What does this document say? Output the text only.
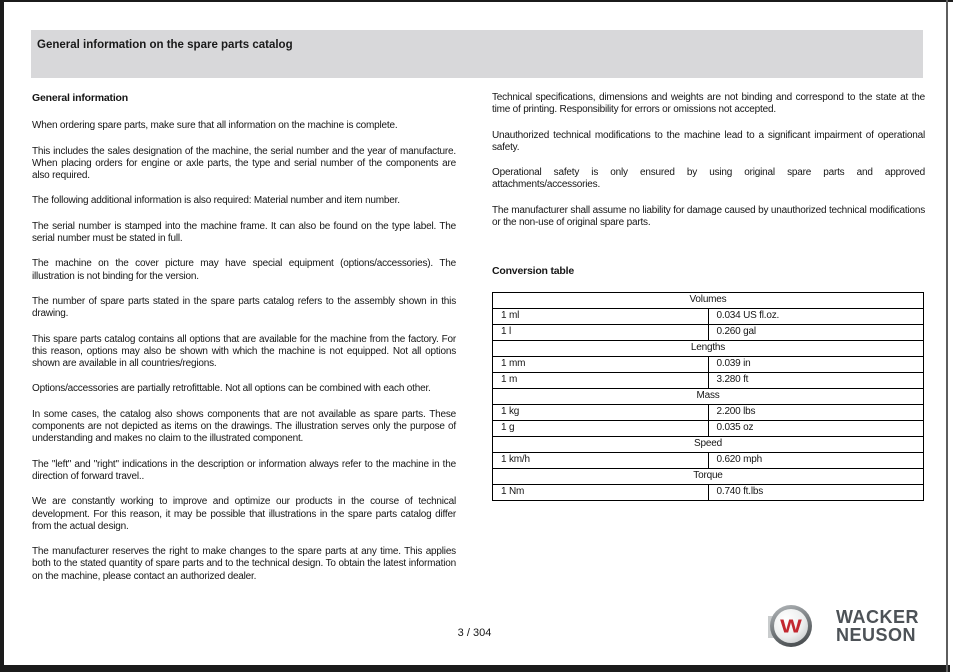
General information on the spare parts catalog
General information

When ordering spare parts, make sure that all information on the machine is complete.

This includes the sales designation of the machine, the serial number and the year of manufacture. When placing orders for engine or axle parts, the type and serial number of the components are also required.

The following additional information is also required: Material number and item number.

The serial number is stamped into the machine frame. It can also be found on the type label. The serial number must be stated in full.

The machine on the cover picture may have special equipment (options/accessories). The illustration is not binding for the version.

The number of spare parts stated in the spare parts catalog refers to the assembly shown in this drawing.

This spare parts catalog contains all options that are available for the machine from the factory. For this reason, options may also be shown with which the machine is not equipped. Not all options shown are available in all countries/regions.

Options/accessories are partially retrofittable. Not all options can be combined with each other.

In some cases, the catalog also shows components that are not available as spare parts. These components are not depicted as items on the drawings. The illustration serves only the purpose of understanding and makes no claim to the illustrated component.

The "left" and "right" indications in the description or information always refer to the machine in the direction of forward travel..

We are constantly working to improve and optimize our products in the course of technical development. For this reason, it may be possible that illustrations in the spare parts catalog differ from the actual design.

The manufacturer reserves the right to make changes to the spare parts at any time. This applies both to the stated quantity of spare parts and to the technical design. To obtain the latest information on the machine, please contact an authorized dealer.

Technical specifications, dimensions and weights are not binding and correspond to the state at the time of printing. Responsibility for errors or omissions not accepted.

Unauthorized technical modifications to the machine lead to a significant impairment of operational safety.

Operational safety is only ensured by using original spare parts and approved attachments/accessories.

The manufacturer shall assume no liability for damage caused by unauthorized technical modifications or the non-use of original spare parts.

Conversion table
Volumes	
1 ml	0.034 US fl.oz.
1 l	0.260 gal
Lengths	
1 mm	0.039 in
1 m	3.280 ft
Mass	
1 kg	2.200 lbs
1 g	0.035 oz
Speed	
1 km/h	0.620 mph
Torque	
1 Nm	0.740 ft.lbs
3 / 304	W WACKER
NEUSON
